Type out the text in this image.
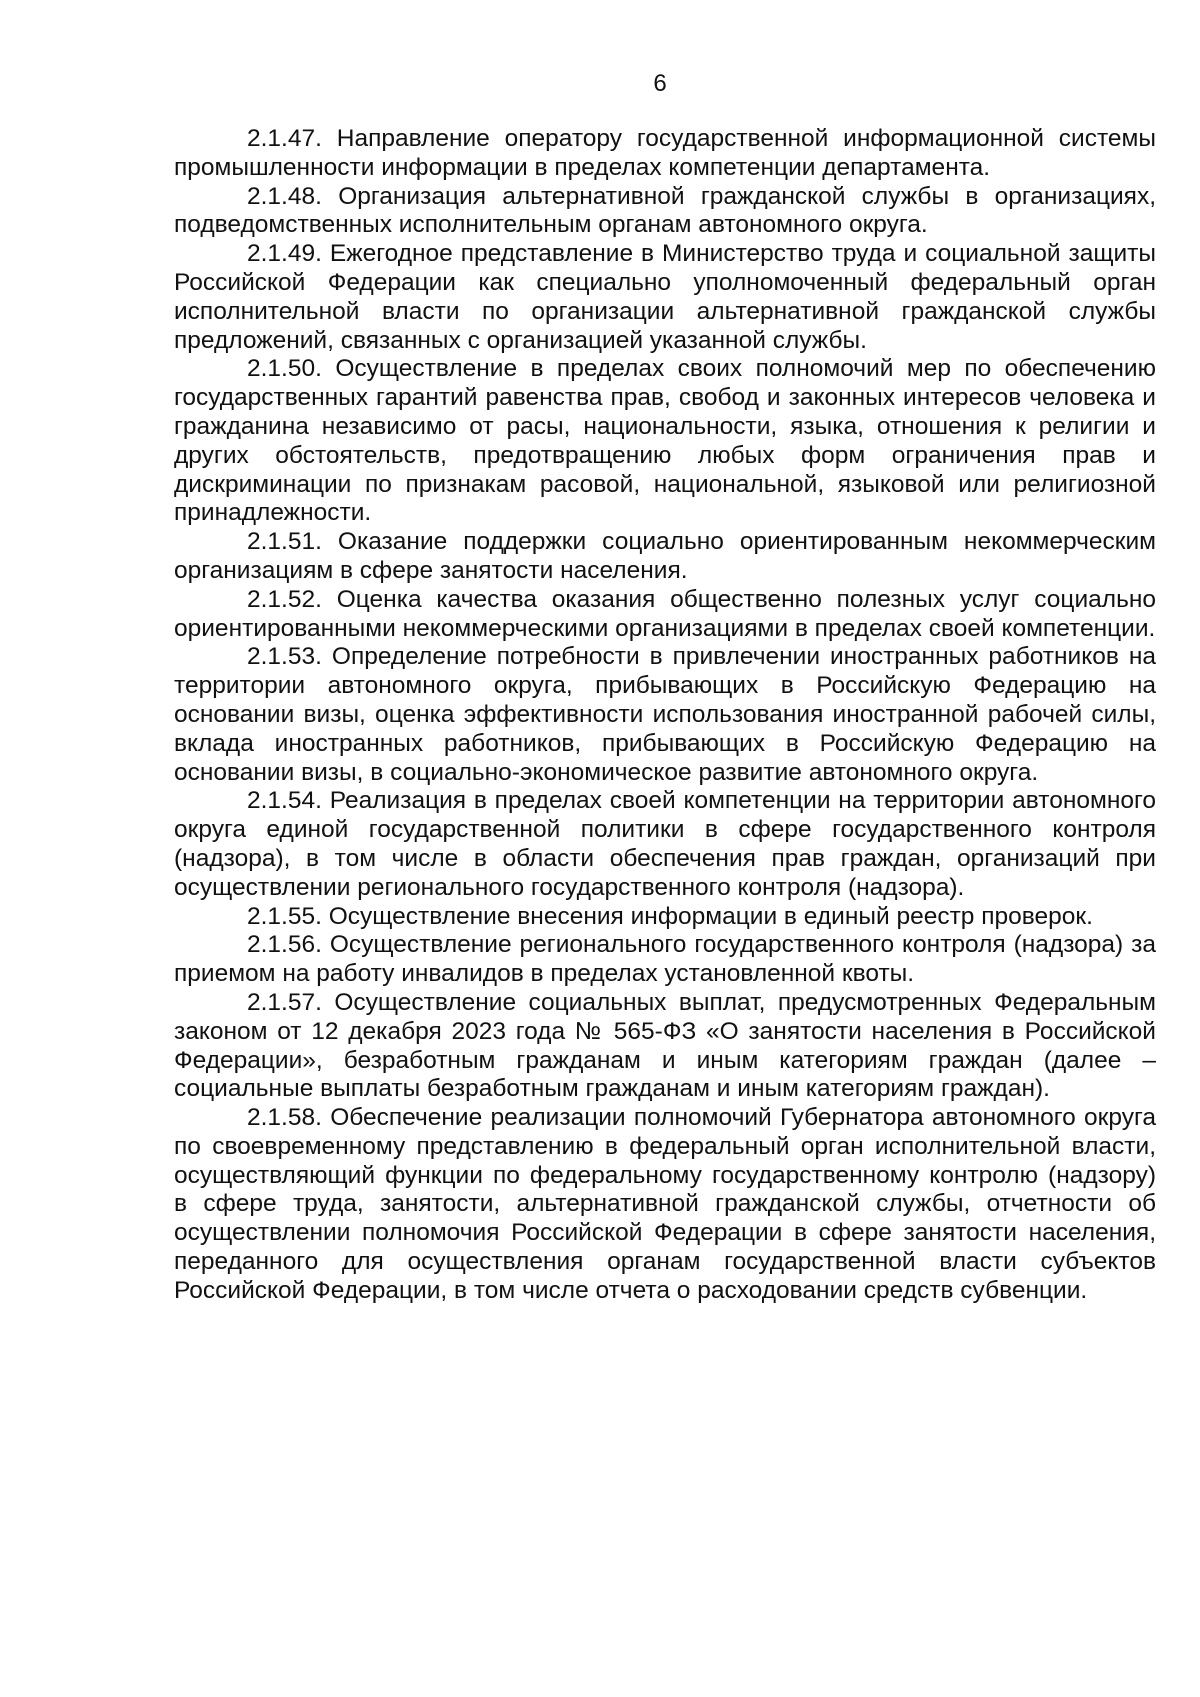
6

2.1.47. Направление оператору государственной информационной системы промышленности информации в пределах компетенции департамента.

2.1.48. Организация альтернативной гражданской службы в организациях, подведомственных исполнительным органам автономного округа.

2.1.49. Ежегодное представление в Министерство труда и социальной защиты Российской Федерации как специально уполномоченный федеральный орган исполнительной власти по организации альтернативной гражданской службы предложений, связанных с организацией указанной службы.

2.1.50. Осуществление в пределах своих полномочий мер по обеспечению государственных гарантий равенства прав, свобод и законных интересов человека и гражданина независимо от расы, национальности, языка, отношения к религии и других обстоятельств, предотвращению любых форм ограничения прав и дискриминации по признакам расовой, национальной, языковой или религиозной принадлежности.

2.1.51. Оказание поддержки социально ориентированным некоммерческим организациям в сфере занятости населения.

2.1.52. Оценка качества оказания общественно полезных услуг социально ориентированными некоммерческими организациями в пределах своей компетенции.

2.1.53. Определение потребности в привлечении иностранных работников на территории автономного округа, прибывающих в Российскую Федерацию на основании визы, оценка эффективности использования иностранной рабочей силы, вклада иностранных работников, прибывающих в Российскую Федерацию на основании визы, в социально-экономическое развитие автономного округа.

2.1.54. Реализация в пределах своей компетенции на территории автономного округа единой государственной политики в сфере государственного контроля (надзора), в том числе в области обеспечения прав граждан, организаций при осуществлении регионального государственного контроля (надзора).

2.1.55. Осуществление внесения информации в единый реестр проверок.

2.1.56. Осуществление регионального государственного контроля (надзора) за приемом на работу инвалидов в пределах установленной квоты.

2.1.57. Осуществление социальных выплат, предусмотренных Федеральным законом от 12 декабря 2023 года № 565-ФЗ «О занятости населения в Российской Федерации», безработным гражданам и иным категориям граждан (далее – социальные выплаты безработным гражданам и иным категориям граждан).

2.1.58. Обеспечение реализации полномочий Губернатора автономного округа по своевременному представлению в федеральный орган исполнительной власти, осуществляющий функции по федеральному государственному контролю (надзору) в сфере труда, занятости, альтернативной гражданской службы, отчетности об осуществлении полномочия Российской Федерации в сфере занятости населения, переданного для осуществления органам государственной власти субъектов Российской Федерации, в том числе отчета о расходовании средств субвенции.
